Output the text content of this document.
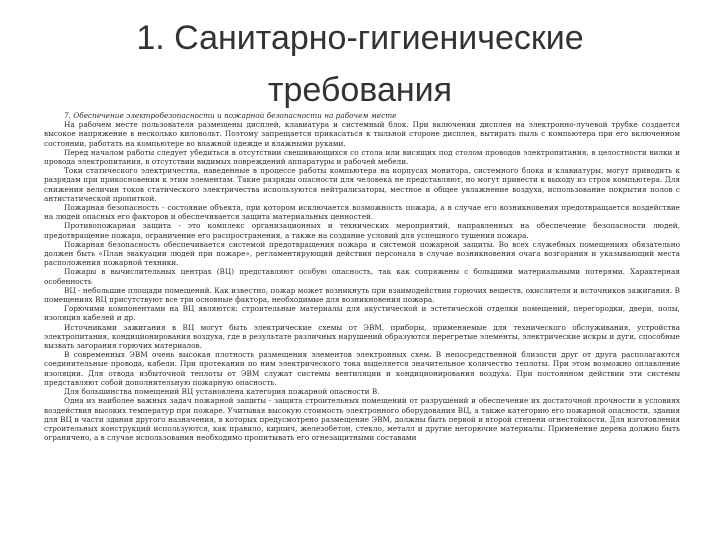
1. Санитарно-гигиенические
требования
7. Обеспечение электробезопасности и пожарной безопасности на рабочем месте

На рабочем месте пользователя размещены дисплей, клавиатура и системный блок. При включении дисплея на электронно-лучевой трубке создается высокое напряжение в несколько киловольт. Поэтому запрещается прикасаться к тыльной стороне дисплея, вытирать пыль с компьютера при его включенном состоянии, работать на компьютере во влажной одежде и влажными руками.

Перед началом работы следует убедиться в отсутствии свешивающихся со стола или висящих под столом проводов электропитания, в целостности вилки и провода электропитания, в отсутствии видимых повреждений аппаратуры и рабочей мебели.

Токи статического электричества, наведенные в процессе работы компьютера на корпусах монитора, системного блока и клавиатуры, могут приводить к разрядам при прикосновении к этим элементам. Такие разряды опасности для человека не представляют, но могут привести к выходу из строя компьютера. Для снижения величин токов статического электричества используются нейтрализаторы, местное и общее увлажнение воздуха, использование покрытия полов с антистатической пропиткой.

Пожарная безопасность - состояние объекта, при котором исключается возможность пожара, а в случае его возникновения предотвращается воздействие на людей опасных его факторов и обеспечивается защита материальных ценностей.

Противопожарная защита - это комплекс организационных и технических мероприятий, направленных на обеспечение безопасности людей, предотвращение пожара, ограничение его распространения, а также на создание условий для успешного тушения пожара.

Пожарная безопасность обеспечивается системой предотвращения пожара и системой пожарной защиты. Во всех служебных помещениях обязательно должен быть «План эвакуации людей при пожаре», регламентирующий действия персонала в случае возникновения очага возгорания и указывающий места расположения пожарной техники.

Пожары в вычислительных центрах (ВЦ) представляют особую опасность, так как сопряжены с большими материальными потерями. Характерная особенность

ВЦ - небольшие площади помещений. Как известно, пожар может возникнуть при взаимодействии горючих веществ, окислителя и источников зажигания. В помещениях ВЦ присутствуют все три основные фактора, необходимые для возникновения пожара.

Горючими компонентами на ВЦ являются: строительные материалы для акустической и эстетической отделки помещений, перегородки, двери, полы, изоляция кабелей и др.

Источниками зажигания в ВЦ могут быть электрические схемы от ЭВМ, приборы, применяемые для технического обслуживания, устройства электропитания, кондиционирования воздуха, где в результате различных нарушений образуются перегретые элементы, электрические искры и дуги, способные вызвать загорания горючих материалов.

В современных ЭВМ очень высокая плотность размещения элементов электронных схем. В непосредственной близости друг от друга располагаются соединительные провода, кабели. При протекании по ним электрического тока выделяется значительное количество теплоты. При этом возможно оплавление изоляции. Для отвода избыточной теплоты от ЭВМ служат системы вентиляции и кондиционирования воздуха. При постоянном действии эти системы представляют собой дополнительную пожарную опасность.

Для большинства помещений ВЦ установлена категория пожарной опасности В.

Одна из наиболее важных задач пожарной защиты - защита строительных помещений от разрушений и обеспечение их достаточной прочности в условиях воздействия высоких температур при пожаре. Учитывая высокую стоимость электронного оборудования ВЦ, а также категорию его пожарной опасности, здания для ВЦ и части здания другого назначения, в которых предусмотрено размещение ЭВМ, должны быть первой и второй степени огнестойкости. Для изготовления строительных конструкций используются, как правило, кирпич, железобетон, стекло, металл и другие негорючие материалы. Применение дерева должно быть ограничено, а в случае использования необходимо пропитывать его огнезащитными составами
